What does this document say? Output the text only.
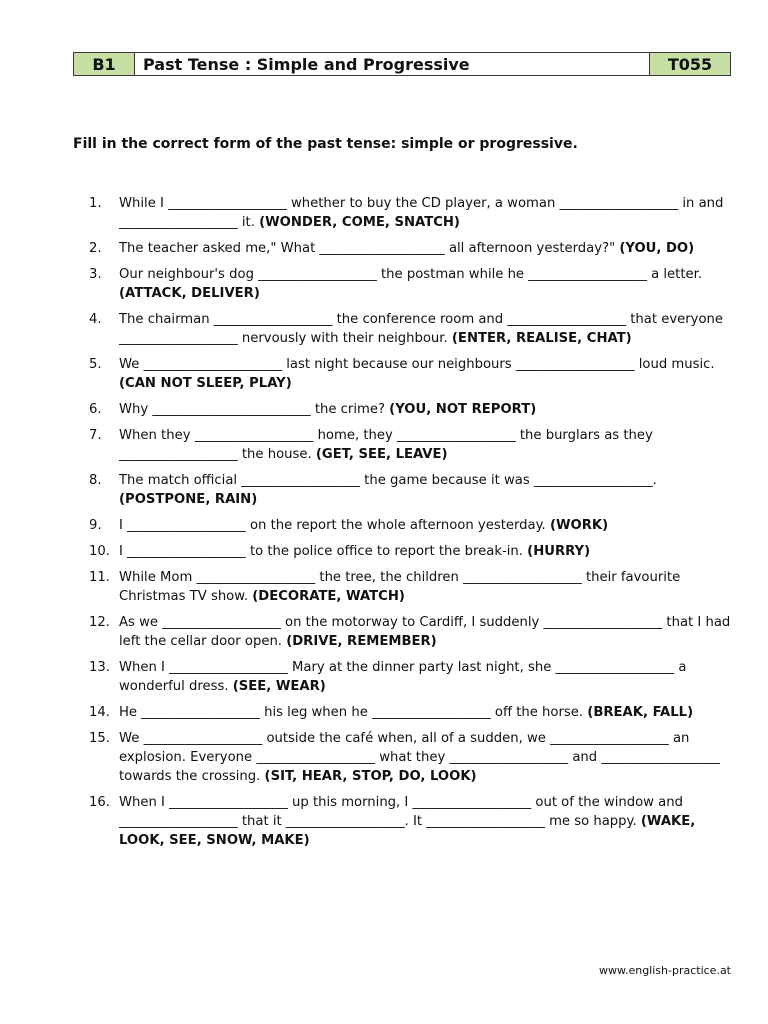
B1	Past Tense : Simple and Progressive	T055
Fill in the correct form of the past tense: simple or progressive.
1.	While I __________________ whether to buy the CD player, a woman __________________ in and __________________ it. (WONDER, COME, SNATCH)
2.	The teacher asked me," What ___________________ all afternoon yesterday?" (YOU, DO)
3.	Our neighbour's dog __________________ the postman while he __________________ a letter. (ATTACK, DELIVER)
4.	The chairman __________________ the conference room and __________________ that everyone __________________ nervously with their neighbour. (ENTER, REALISE, CHAT)
5.	We _____________________ last night because our neighbours __________________ loud music. (CAN NOT SLEEP, PLAY)
6.	Why ________________________ the crime? (YOU, NOT REPORT)
7.	When they __________________ home, they __________________ the burglars as they __________________ the house. (GET, SEE, LEAVE)
8.	The match official __________________ the game because it was __________________. (POSTPONE, RAIN)
9.	I __________________ on the report the whole afternoon yesterday. (WORK)
10. I __________________ to the police office to report the break-in. (HURRY)
11. While Mom __________________ the tree, the children __________________ their favourite Christmas TV show. (DECORATE, WATCH)
12. As we __________________ on the motorway to Cardiff, I suddenly __________________ that I had left the cellar door open. (DRIVE, REMEMBER)
13. When I __________________ Mary at the dinner party last night, she __________________ a wonderful dress. (SEE, WEAR)
14. He __________________ his leg when he __________________ off the horse. (BREAK, FALL)
15. We __________________ outside the café when, all of a sudden, we __________________ an explosion. Everyone __________________ what they __________________ and __________________ towards the crossing. (SIT, HEAR, STOP, DO, LOOK)
16. When I __________________ up this morning, I __________________ out of the window and __________________ that it __________________. It __________________ me so happy. (WAKE, LOOK, SEE, SNOW, MAKE)
www.english-practice.at
